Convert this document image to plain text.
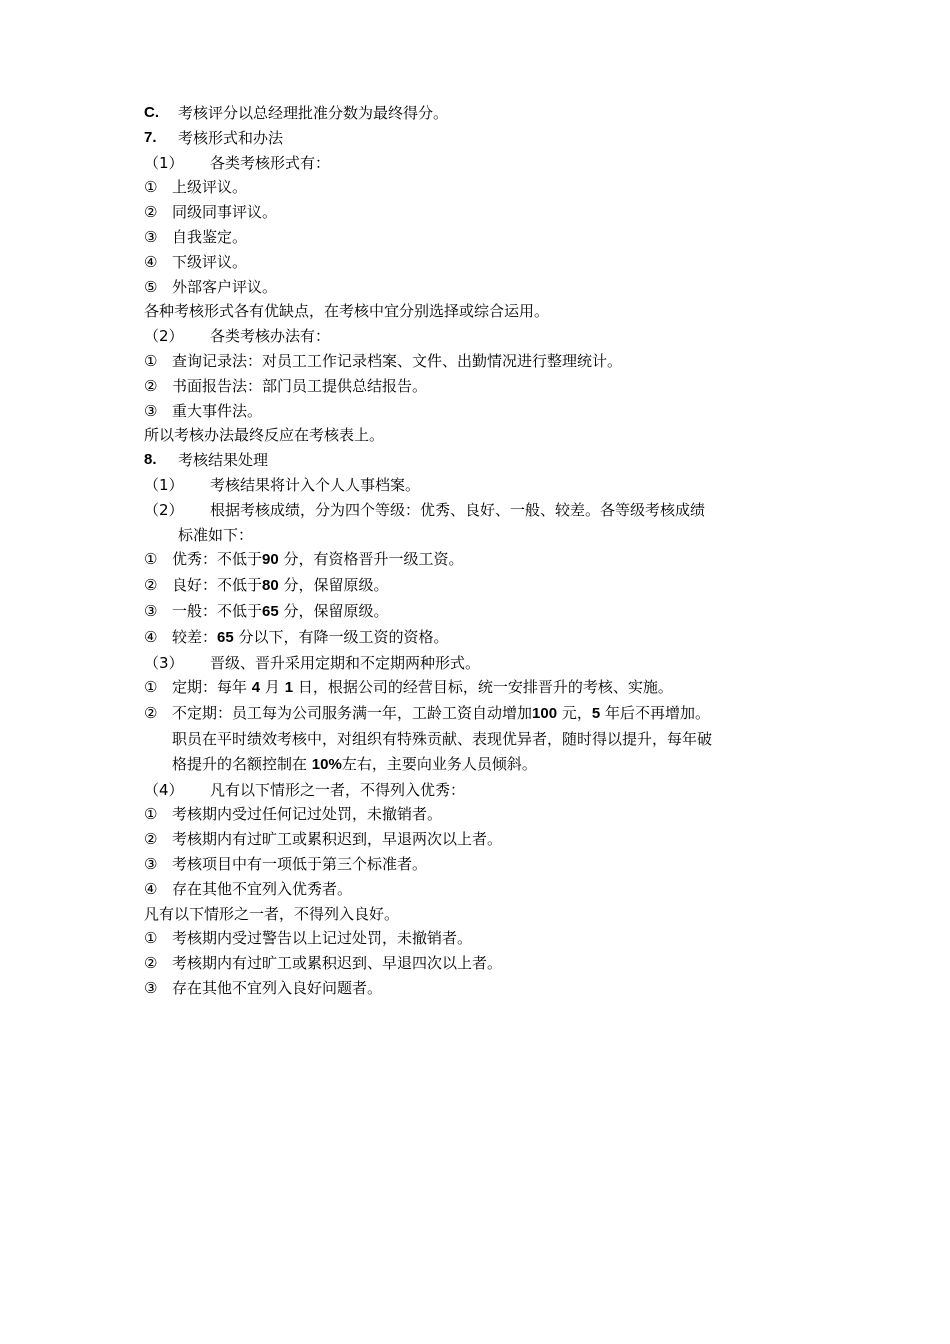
C.	考核评分以总经理批准分数为最终得分。
7.	考核形式和办法
（1）	各类考核形式有：
① 上级评议。
② 同级同事评议。
③ 自我鉴定。
④ 下级评议。
⑤ 外部客户评议。
各种考核形式各有优缺点，在考核中宜分别选择或综合运用。
（2）	各类考核办法有：
① 查询记录法：对员工工作记录档案、文件、出勤情况进行整理统计。
② 书面报告法：部门员工提供总结报告。
③ 重大事件法。
所以考核办法最终反应在考核表上。
8.	考核结果处理
（1）	考核结果将计入个人人事档案。
（2）	根据考核成绩，分为四个等级：优秀、良好、一般、较差。各等级考核成绩
标准如下：
① 优秀：不低于90 分，有资格晋升一级工资。
② 良好：不低于80 分，保留原级。
③ 一般：不低于65 分，保留原级。
④ 较差：65 分以下，有降一级工资的资格。
（3）	晋级、晋升采用定期和不定期两种形式。
① 定期：每年 4 月 1 日，根据公司的经营目标，统一安排晋升的考核、实施。
② 不定期：员工每为公司服务满一年，工龄工资自动增加100 元，5 年后不再增加。
职员在平时绩效考核中，对组织有特殊贡献、表现优异者，随时得以提升，每年破
格提升的名额控制在 10%左右，主要向业务人员倾斜。
（4）	凡有以下情形之一者，不得列入优秀：
① 考核期内受过任何记过处罚，未撤销者。
② 考核期内有过旷工或累积迟到，早退两次以上者。
③ 考核项目中有一项低于第三个标准者。
④ 存在其他不宜列入优秀者。
凡有以下情形之一者，不得列入良好。
① 考核期内受过警告以上记过处罚，未撤销者。
② 考核期内有过旷工或累积迟到、早退四次以上者。
③ 存在其他不宜列入良好问题者。
